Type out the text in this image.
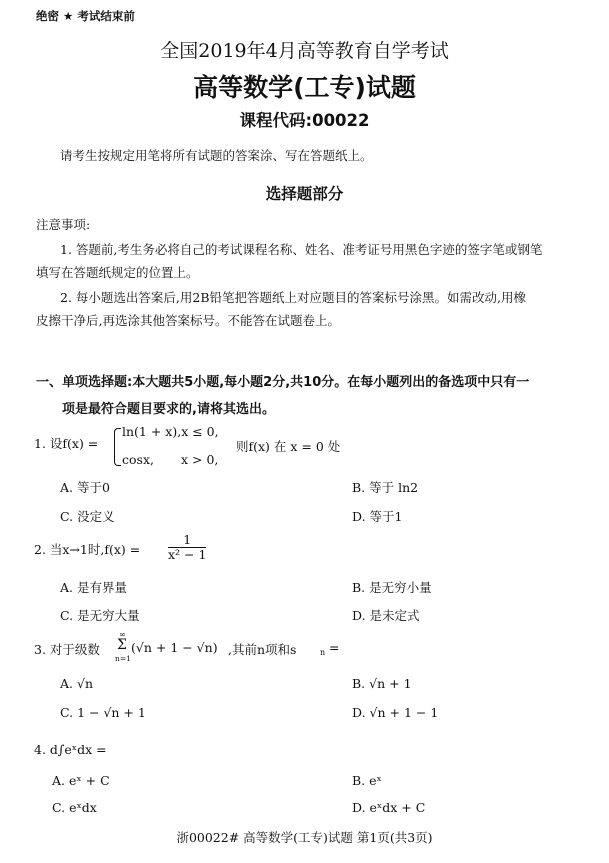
绝密 ★ 考试结束前
全国2019年4月高等教育自学考试
高等数学(工专)试题
课程代码:00022
请考生按规定用笔将所有试题的答案涂、写在答题纸上。
选择题部分
注意事项:
1. 答题前,考生务必将自己的考试课程名称、姓名、准考证号用黑色字迹的签字笔或钢笔
填写在答题纸规定的位置上。
2. 每小题选出答案后,用2B铅笔把答题纸上对应题目的答案标号涂黑。如需改动,用橡
皮擦干净后,再选涂其他答案标号。不能答在试题卷上。
一、单项选择题:本大题共5小题,每小题2分,共10分。在每小题列出的备选项中只有一
项是最符合题目要求的,请将其选出。
1. 设f(x) =
ln(1 + x),x ≤ 0,
cosx, x > 0,
则f(x) 在 x = 0 处
A. 等于0	B. 等于 ln2
C. 没定义	D. 等于1
2. 当x→1时$,f(x) = \frac{1}{\text{x² − 1}}$
A. 是有界量	B. 是无穷小量
C. 是无穷大量	D. 是未定式
3. 对于级数
∞
Σ
n=1
(√n + 1 − √n) ,其前n项和s	n =
A. √n	B. √n + 1
C. 1 − √n + 1	D. √n + 1 − 1
4. d∫eˣdx =
A. eˣ + C	B. eˣ
C. eˣdx	D. eˣdx + C
浙00022# 高等数学(工专)试题 第1页(共3页)
